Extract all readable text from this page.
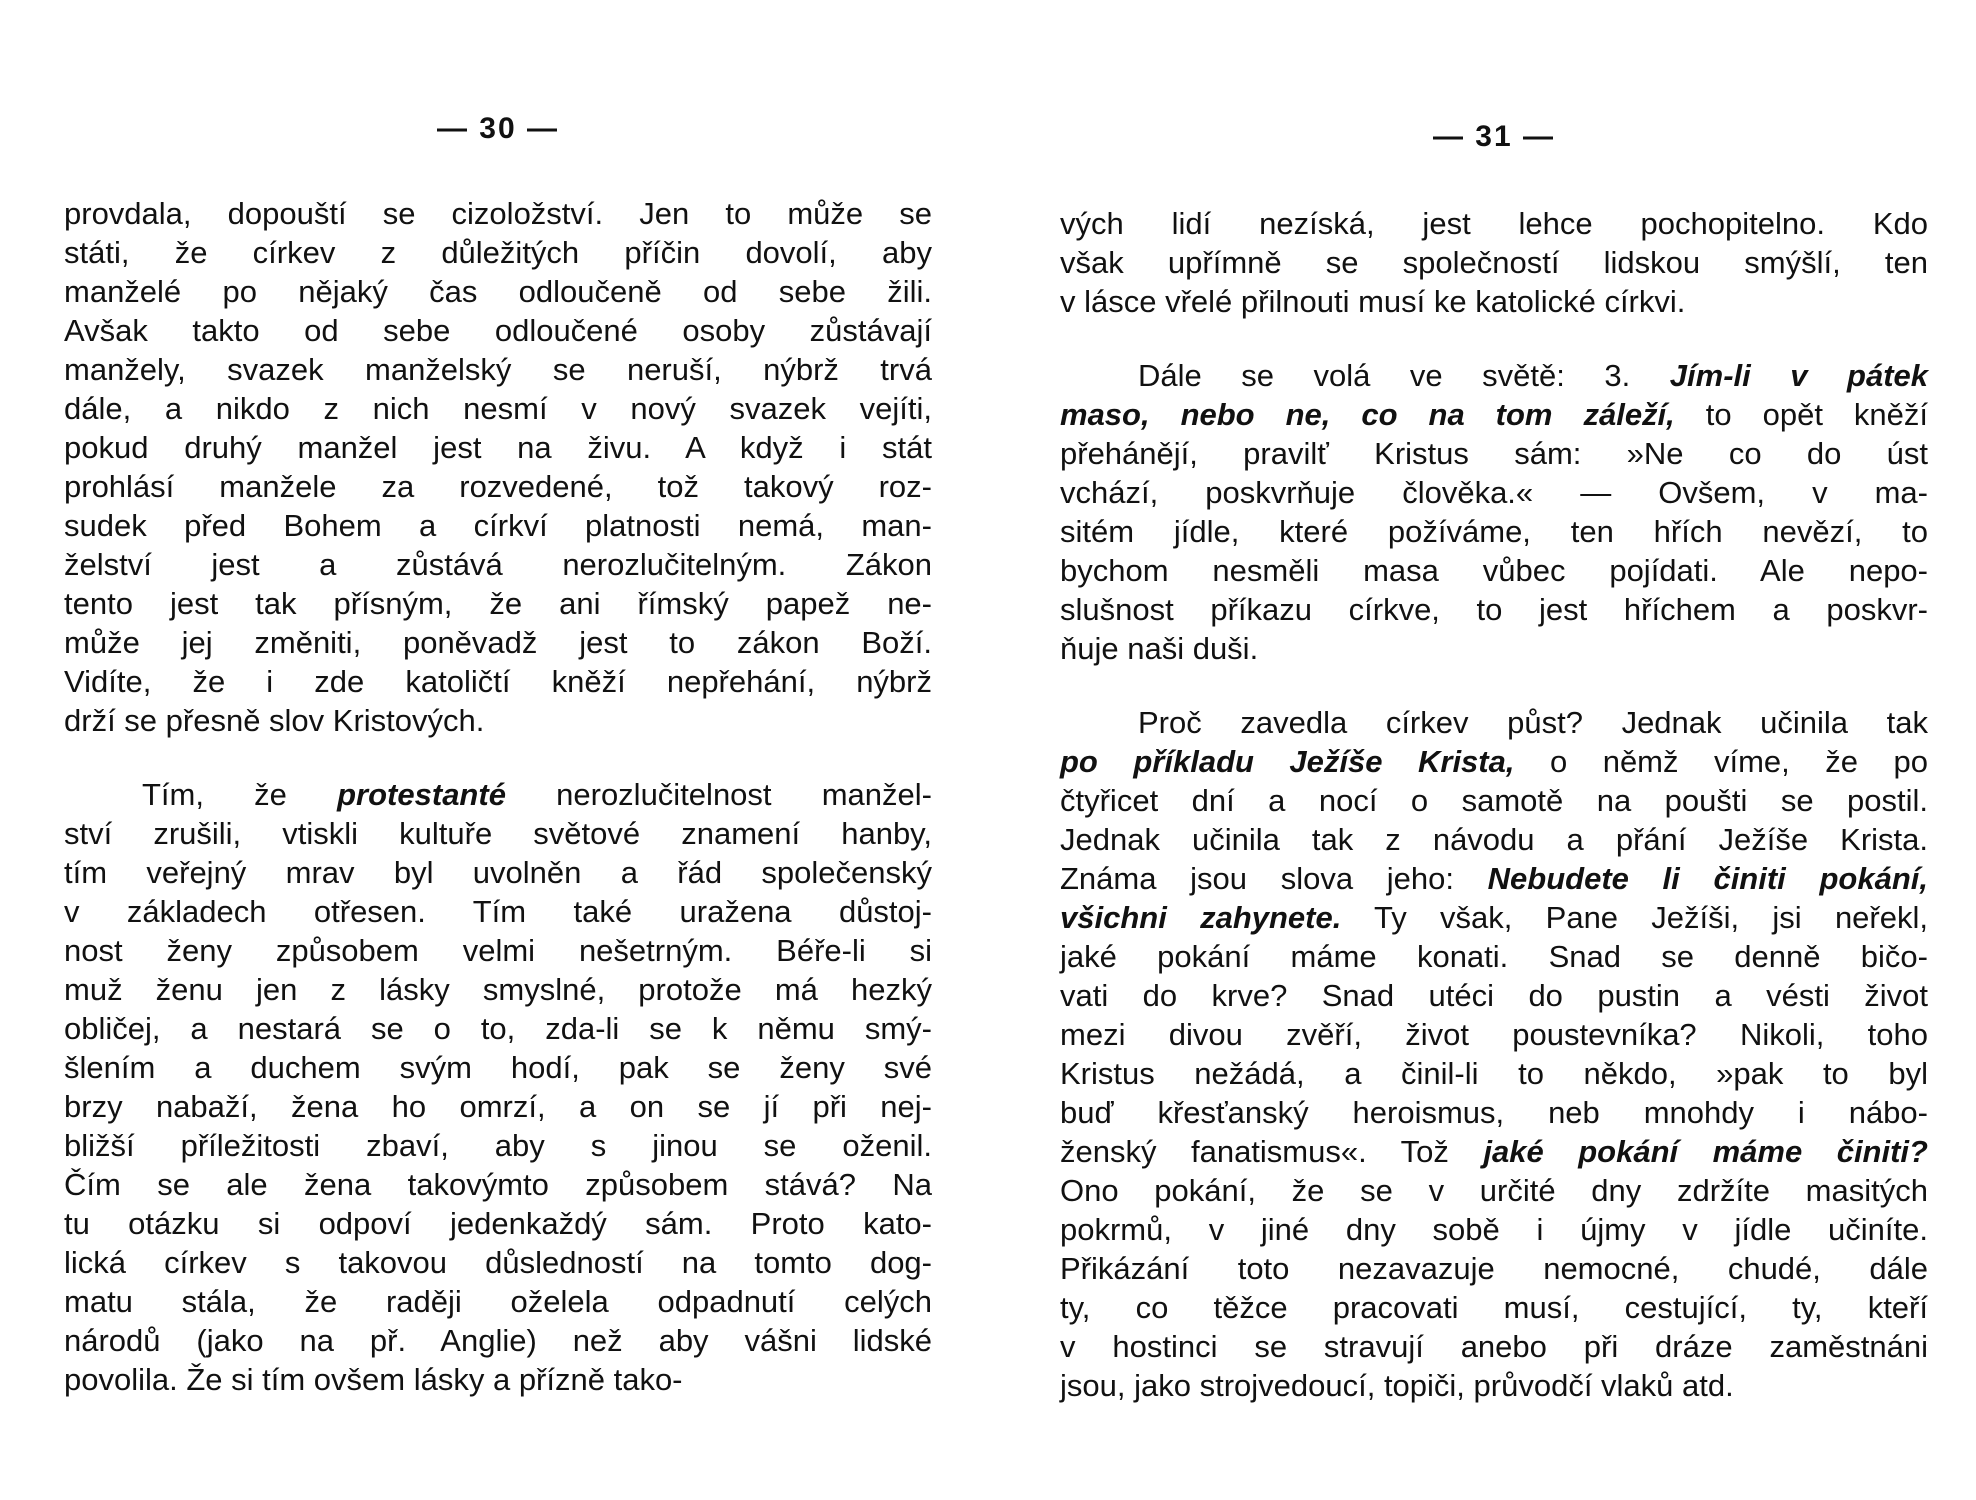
— 30 —
provdala, dopouští se cizoložství. Jen to může se
státi, že církev z důležitých příčin dovolí, aby
manželé po nějaký čas odloučeně od sebe žili.
Avšak takto od sebe odloučené osoby zůstávají
manžely, svazek manželský se neruší, nýbrž trvá
dále, a nikdo z nich nesmí v nový svazek vejíti,
pokud druhý manžel jest na živu. A když i stát
prohlásí manžele za rozvedené, tož takový roz-
sudek před Bohem a církví platnosti nemá, man-
želství jest a zůstává nerozlučitelným. Zákon
tento jest tak přísným, že ani římský papež ne-
může jej změniti, poněvadž jest to zákon Boží.
Vidíte, že i zde katoličtí kněží nepřehání, nýbrž
drží se přesně slov Kristových.
Tím, že protestanté nerozlučitelnost manžel-
ství zrušili, vtiskli kultuře světové znamení hanby,
tím veřejný mrav byl uvolněn a řád společenský
v základech otřesen. Tím také uražena důstoj-
nost ženy způsobem velmi nešetrným. Béře-li si
muž ženu jen z lásky smyslné, protože má hezký
obličej, a nestará se o to, zda-li se k němu smý-
šlením a duchem svým hodí, pak se ženy své
brzy nabaží, žena ho omrzí, a on se jí při nej-
bližší příležitosti zbaví, aby s jinou se oženil.
Čím se ale žena takovýmto způsobem stává? Na
tu otázku si odpoví jedenkaždý sám. Proto kato-
lická církev s takovou důsledností na tomto dog-
matu stála, že raději oželela odpadnutí celých
národů (jako na př. Anglie) než aby vášni lidské
povolila. Že si tím ovšem lásky a přízně tako-
— 31 —
vých lidí nezíská, jest lehce pochopitelno. Kdo
však upřímně se společností lidskou smýšlí, ten
v lásce vřelé přilnouti musí ke katolické církvi.
Dále se volá ve světě: 3. Jím-li v pátek
maso, nebo ne, co na tom záleží, to opět kněží
přehánějí, pravilť Kristus sám: »Ne co do úst
vchází, poskvrňuje člověka.« — Ovšem, v ma-
sitém jídle, které požíváme, ten hřích nevězí, to
bychom nesměli masa vůbec pojídati. Ale nepo-
slušnost příkazu církve, to jest hříchem a poskvr-
ňuje naši duši.
Proč zavedla církev půst? Jednak učinila tak
po příkladu Ježíše Krista, o němž víme, že po
čtyřicet dní a nocí o samotě na poušti se postil.
Jednak učinila tak z návodu a přání Ježíše Krista.
Známa jsou slova jeho: Nebudete li činiti pokání,
všichni zahynete. Ty však, Pane Ježíši, jsi neřekl,
jaké pokání máme konati. Snad se denně bičo-
vati do krve? Snad utéci do pustin a vésti život
mezi divou zvěří, život poustevníka? Nikoli, toho
Kristus nežádá, a činil-li to někdo, »pak to byl
buď křesťanský heroismus, neb mnohdy i nábo-
ženský fanatismus«. Tož jaké pokání máme činiti?
Ono pokání, že se v určité dny zdržíte masitých
pokrmů, v jiné dny sobě i újmy v jídle učiníte.
Přikázání toto nezavazuje nemocné, chudé, dále
ty, co těžce pracovati musí, cestující, ty, kteří
v hostinci se stravují anebo při dráze zaměstnáni
jsou, jako strojvedoucí, topiči, průvodčí vlaků atd.
